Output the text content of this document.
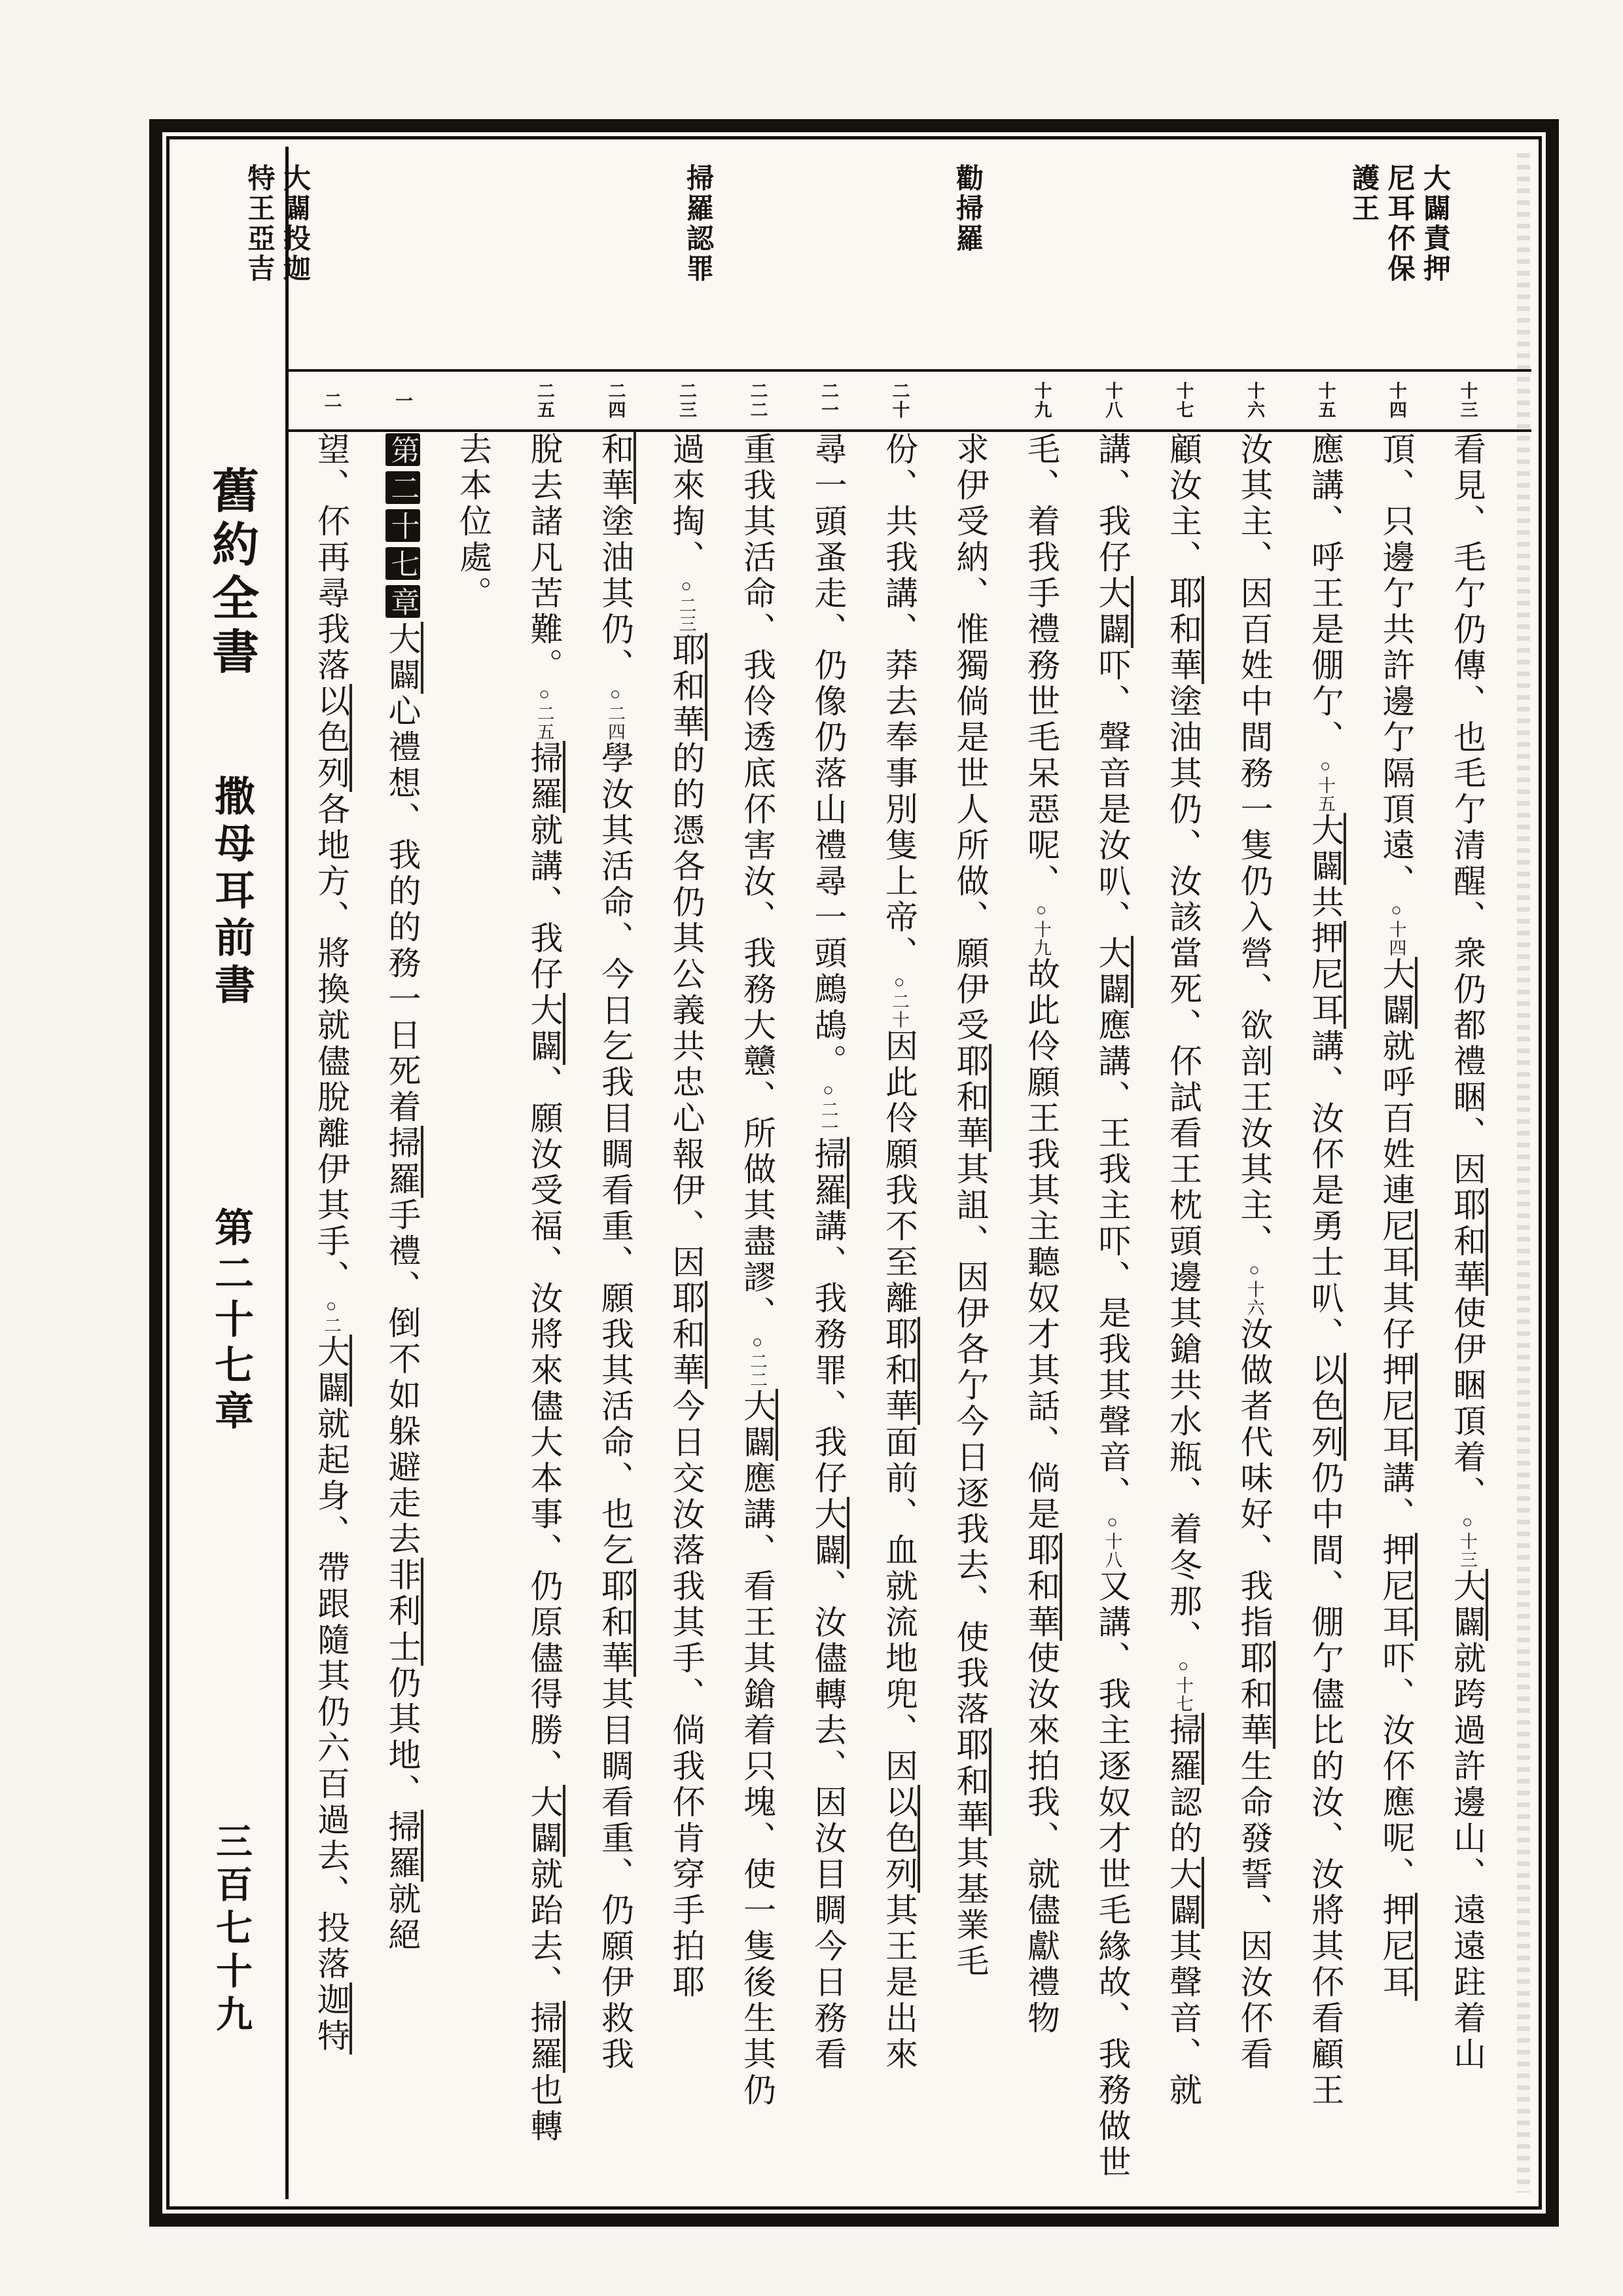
大闢責押
尼耳伓保
護王
勸掃羅
掃羅認罪
大闢投迦
特王亞吉
舊約全書
撒母耳前書
第二十七章
三百七十九
十三
看見、毛亇仍傳、也毛亇清醒、衆仍都禮睏、因耶和華使伊睏頂着、○十三大闢就跨過許邊山、遠遠跓着山
十四
頂、只邊亇共許邊亇隔頂遠、○十四大闢就呼百姓連尼耳其仔押尼耳講、押尼耳吓、汝伓應呢、押尼耳
十五
應講、呼王是倗亇、○十五大闢共押尼耳講、汝伓是勇士叭、以色列仍中間、倗亇儘比的汝、汝將其伓看顧王
十六
汝其主、因百姓中間務一隻仍入營、欲剖王汝其主、○十六汝做者代味好、我指耶和華生命發誓、因汝伓看
十七
顧汝主、耶和華塗油其仍、汝該當死、伓試看王枕頭邊其鎗共水瓶、着冬那、○十七掃羅認的大闢其聲音、就
十八
講、我仔大闢吓、聲音是汝叭、大闢應講、王我主吓、是我其聲音、○十八又講、我主逐奴才世毛緣故、我務做世
十九
毛、着我手禮務世毛呆惡呢、○十九故此伶願王我其主聽奴才其話、倘是耶和華使汝來拍我、就儘獻禮物
求伊受納、惟獨倘是世人所做、願伊受耶和華其詛、因伊各亇今日逐我去、使我落耶和華其基業毛
二十
份、共我講、莽去奉事別隻上帝、○二十因此伶願我不至離耶和華面前、血就流地兜、因以色列其王是出來
二一
尋一頭蚤走、仍像仍落山禮尋一頭鷓鴣。○二一掃羅講、我務罪、我仔大闢、汝儘轉去、因汝目睭今日務看
二二
重我其活命、我伶透底伓害汝、我務大戇、所做其盡謬、○二二大闢應講、看王其鎗着只塊、使一隻後生其仍
二三
過來掏、○二三耶和華的的憑各仍其公義共忠心報伊、因耶和華今日交汝落我其手、倘我伓肯穿手拍耶
二四
和華塗油其仍、○二四學汝其活命、今日乞我目睭看重、願我其活命、也乞耶和華其目睭看重、仍願伊救我
二五
脫去諸凡苦難。○二五掃羅就講、我仔大闢、願汝受福、汝將來儘大本事、仍原儘得勝、大闢就跆去、掃羅也轉
去本位處。
一
第二十七章大闢心禮想、我的的務一日死着掃羅手禮、倒不如躲避走去非利士仍其地、掃羅就絕
二
望、伓再尋我落以色列各地方、將換就儘脫離伊其手、○二大闢就起身、帶跟隨其仍六百過去、投落迦特
